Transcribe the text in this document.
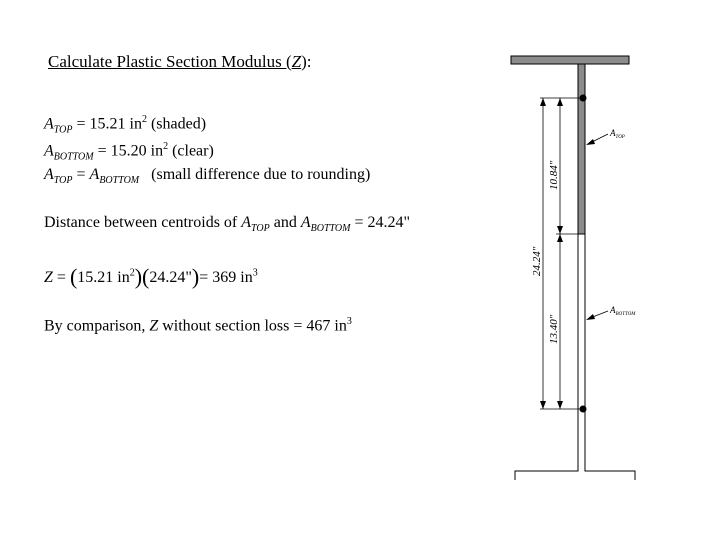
Calculate Plastic Section Modulus (Z):
$A_{TOP} = 15.21$ $in^2$ (shaded)
$A_{BOTTOM} = 15.20$ $in^2$ (clear)
$A_{TOP} = A_{BOTTOM}$   (small difference due to rounding)
Distance between centroids of $A_{TOP}$ and $A_{BOTTOM} = 24.24$"
Z = (15.21 $in^2)(24.24")= 369$ $in^3$
By comparison, Z without section loss = 467 $in^3$
10.84"
24.24"
13.40"
$A_{TOP}$
$A_{BOTTOM}$
